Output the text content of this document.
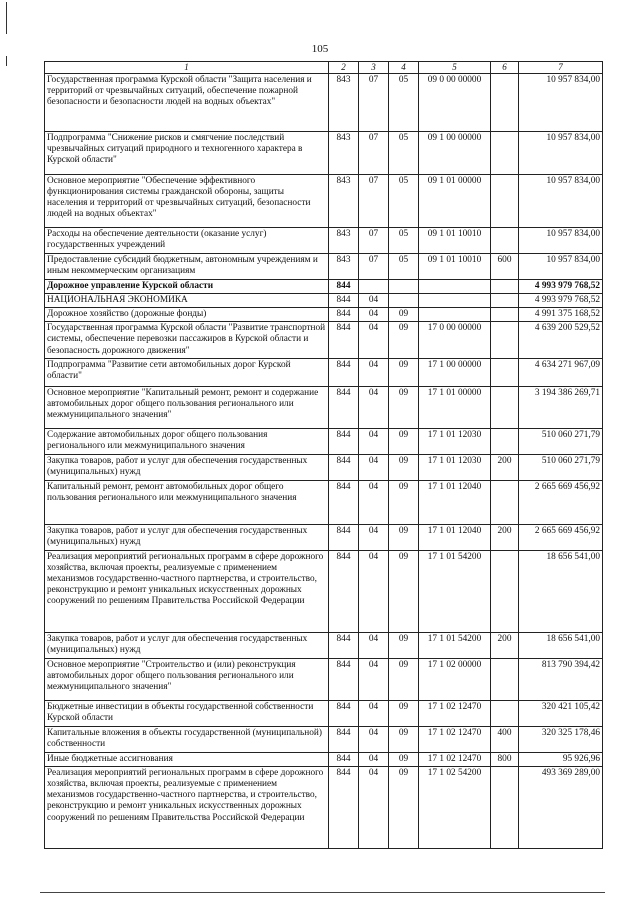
105
1	2	3	4	5	6	7
Государственная программа Курской области "Защита населения и территорий от чрезвычайных ситуаций, обеспечение пожарной безопасности и безопасности людей на водных объектах"	843	07	05	09 0 00 00000		10 957 834,00
Подпрограмма "Снижение рисков и смягчение последствий чрезвычайных ситуаций природного и техногенного характера в Курской области"	843	07	05	09 1 00 00000		10 957 834,00
Основное мероприятие "Обеспечение эффективного функционирования системы гражданской обороны, защиты населения и территорий от чрезвычайных ситуаций, безопасности людей на водных объектах"	843	07	05	09 1 01 00000		10 957 834,00
Расходы на обеспечение деятельности (оказание услуг) государственных учреждений	843	07	05	09 1 01 10010		10 957 834,00
Предоставление субсидий бюджетным, автономным учреждениям и иным некоммерческим организациям	843	07	05	09 1 01 10010	600	10 957 834,00
Дорожное управление Курской области	844					4 993 979 768,52
НАЦИОНАЛЬНАЯ ЭКОНОМИКА	844	04				4 993 979 768,52
Дорожное хозяйство (дорожные фонды)	844	04	09			4 991 375 168,52
Государственная программа Курской области "Развитие транспортной системы, обеспечение перевозки пассажиров в Курской области и безопасность дорожного движения"	844	04	09	17 0 00 00000		4 639 200 529,52
Подпрограмма "Развитие сети автомобильных дорог Курской области"	844	04	09	17 1 00 00000		4 634 271 967,09
Основное мероприятие "Капитальный ремонт, ремонт и содержание автомобильных дорог общего пользования регионального или межмуниципального значения"	844	04	09	17 1 01 00000		3 194 386 269,71
Содержание автомобильных дорог общего пользования регионального или межмуниципального значения	844	04	09	17 1 01 12030		510 060 271,79
Закупка товаров, работ и услуг для обеспечения государственных (муниципальных) нужд	844	04	09	17 1 01 12030	200	510 060 271,79
Капитальный ремонт, ремонт автомобильных дорог общего пользования регионального или межмуниципального значения	844	04	09	17 1 01 12040		2 665 669 456,92
Закупка товаров, работ и услуг для обеспечения государственных (муниципальных) нужд	844	04	09	17 1 01 12040	200	2 665 669 456,92
Реализация мероприятий региональных программ в сфере дорожного хозяйства, включая проекты, реализуемые с применением механизмов государственно-частного партнерства, и строительство, реконструкцию и ремонт уникальных искусственных дорожных сооружений по решениям Правительства Российской Федерации	844	04	09	17 1 01 54200		18 656 541,00
Закупка товаров, работ и услуг для обеспечения государственных (муниципальных) нужд	844	04	09	17 1 01 54200	200	18 656 541,00
Основное мероприятие "Строительство и (или) реконструкция автомобильных дорог общего пользования регионального или межмуниципального значения"	844	04	09	17 1 02 00000		813 790 394,42
Бюджетные инвестиции в объекты государственной собственности Курской области	844	04	09	17 1 02 12470		320 421 105,42
Капитальные вложения в объекты государственной (муниципальной) собственности	844	04	09	17 1 02 12470	400	320 325 178,46
Иные бюджетные ассигнования	844	04	09	17 1 02 12470	800	95 926,96
Реализация мероприятий региональных программ в сфере дорожного хозяйства, включая проекты, реализуемые с применением механизмов государственно-частного партнерства, и строительство, реконструкцию и ремонт уникальных искусственных дорожных сооружений по решениям Правительства Российской Федерации	844	04	09	17 1 02 54200		493 369 289,00
